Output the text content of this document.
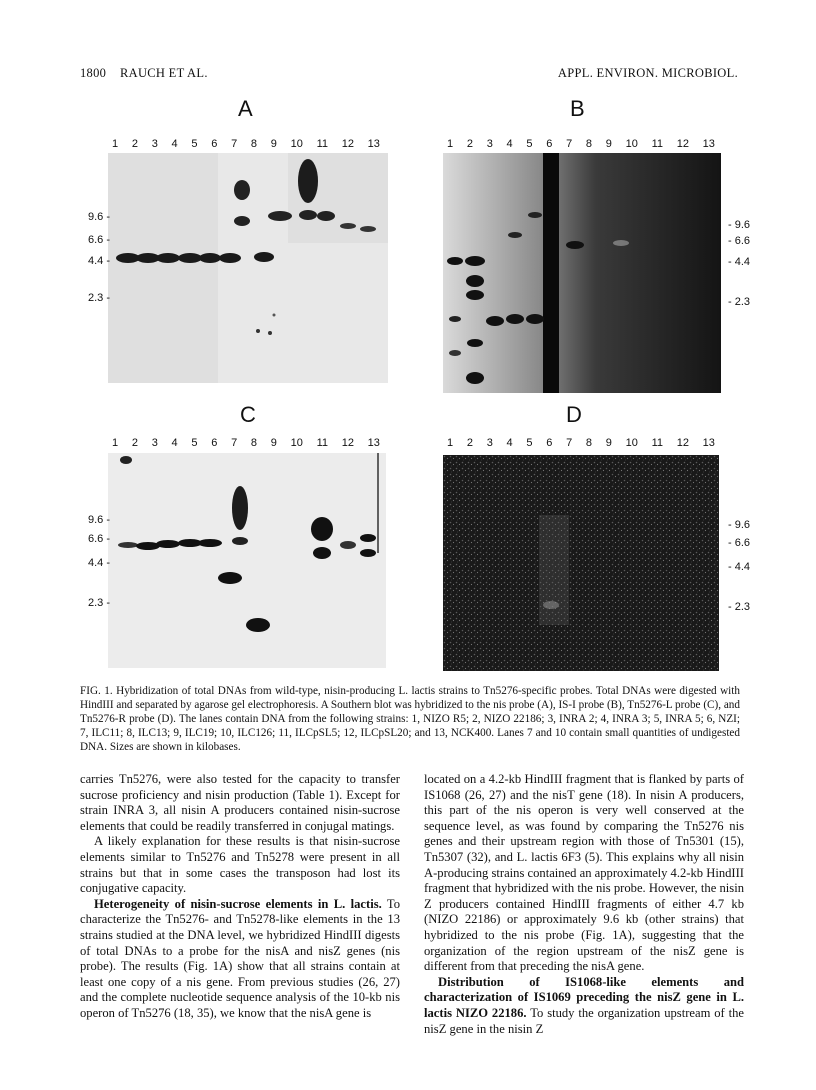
1800 RAUCH ET AL.	APPL. ENVIRON. MICROBIOL.
A
1 2 3 4 5 6 7 8 9 10 11 12 13
9.6 -
6.6 -
4.4 -
2.3 -
B
1 2 3 4 5 6 7 8 9 10 11 12 13
- 9.6
- 6.6
- 4.4
- 2.3
C
1 2 3 4 5 6 7 8 9 10 11 12 13
9.6 -
6.6 -
4.4 -
2.3 -
D
1 2 3 4 5 6 7 8 9 10 11 12 13
- 9.6
- 6.6
- 4.4
- 2.3
FIG. 1. Hybridization of total DNAs from wild-type, nisin-producing L. lactis strains to Tn5276-specific probes. Total DNAs were digested with HindIII and separated by agarose gel electrophoresis. A Southern blot was hybridized to the nis probe (A), IS-I probe (B), Tn5276-L probe (C), and Tn5276-R probe (D). The lanes contain DNA from the following strains: 1, NIZO R5; 2, NIZO 22186; 3, INRA 2; 4, INRA 3; 5, INRA 5; 6, NZI; 7, ILC11; 8, ILC13; 9, ILC19; 10, ILC126; 11, ILCpSL5; 12, ILCpSL20; and 13, NCK400. Lanes 7 and 10 contain small quantities of undigested DNA. Sizes are shown in kilobases.

carries Tn5276, were also tested for the capacity to transfer sucrose proficiency and nisin production (Table 1). Except for strain INRA 3, all nisin A producers contained nisin-sucrose elements that could be readily transferred in conjugal matings.

A likely explanation for these results is that nisin-sucrose elements similar to Tn5276 and Tn5278 were present in all strains but that in some cases the transposon had lost its conjugative capacity.

Heterogeneity of nisin-sucrose elements in L. lactis. To characterize the Tn5276- and Tn5278-like elements in the 13 strains studied at the DNA level, we hybridized HindIII digests of total DNAs to a probe for the nisA and nisZ genes (nis probe). The results (Fig. 1A) show that all strains contain at least one copy of a nis gene. From previous studies (26, 27) and the complete nucleotide sequence analysis of the 10-kb nis operon of Tn5276 (18, 35), we know that the nisA gene is

located on a 4.2-kb HindIII fragment that is flanked by parts of IS1068 (26, 27) and the nisT gene (18). In nisin A producers, this part of the nis operon is very well conserved at the sequence level, as was found by comparing the Tn5276 nis genes and their upstream region with those of Tn5301 (15), Tn5307 (32), and L. lactis 6F3 (5). This explains why all nisin A-producing strains contained an approximately 4.2-kb HindIII fragment that hybridized with the nis probe. However, the nisin Z producers contained HindIII fragments of either 4.7 kb (NIZO 22186) or approximately 9.6 kb (other strains) that hybridized to the nis probe (Fig. 1A), suggesting that the organization of the region upstream of the nisZ gene is different from that preceding the nisA gene.

Distribution of IS1068-like elements and characterization of IS1069 preceding the nisZ gene in L. lactis NIZO 22186. To study the organization upstream of the nisZ gene in the nisin Z
